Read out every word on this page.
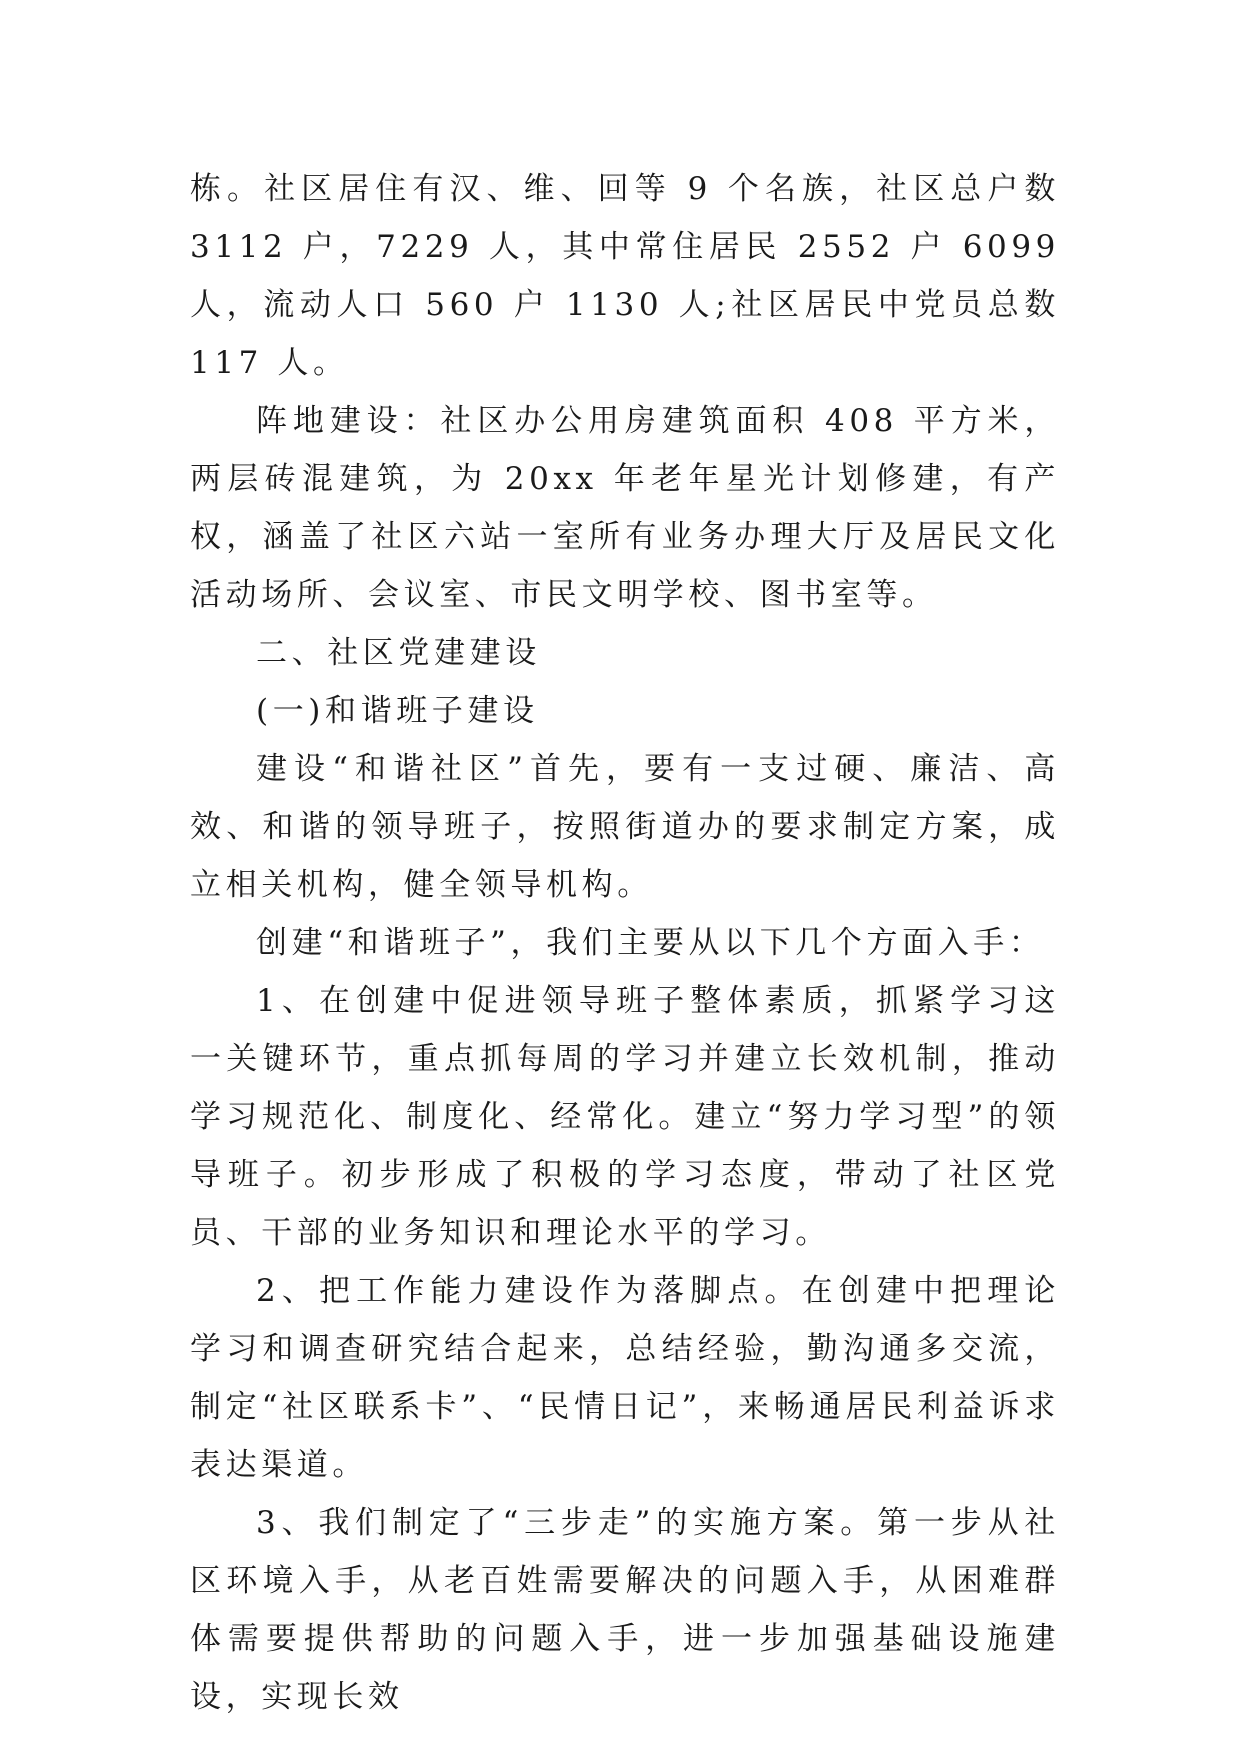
栋。社区居住有汉、维、回等 9 个名族，社区总户数 3112 户，7229 人，其中常住居民 2552 户 6099 人，流动人口 560 户 1130 人;社区居民中党员总数 117 人。

阵地建设：社区办公用房建筑面积 408 平方米，两层砖混建筑，为 20xx 年老年星光计划修建，有产权，涵盖了社区六站一室所有业务办理大厅及居民文化活动场所、会议室、市民文明学校、图书室等。

二、社区党建建设

(一)和谐班子建设

建设“和谐社区”首先，要有一支过硬、廉洁、高效、和谐的领导班子，按照街道办的要求制定方案，成立相关机构，健全领导机构。

创建“和谐班子”，我们主要从以下几个方面入手：

1、在创建中促进领导班子整体素质，抓紧学习这一关键环节，重点抓每周的学习并建立长效机制，推动学习规范化、制度化、经常化。建立“努力学习型”的领导班子。初步形成了积极的学习态度，带动了社区党员、干部的业务知识和理论水平的学习。

2、把工作能力建设作为落脚点。在创建中把理论学习和调查研究结合起来，总结经验，勤沟通多交流，制定“社区联系卡”、“民情日记”，来畅通居民利益诉求表达渠道。

3、我们制定了“三步走”的实施方案。第一步从社区环境入手，从老百姓需要解决的问题入手，从困难群体需要提供帮助的问题入手，进一步加强基础设施建设，实现长效
